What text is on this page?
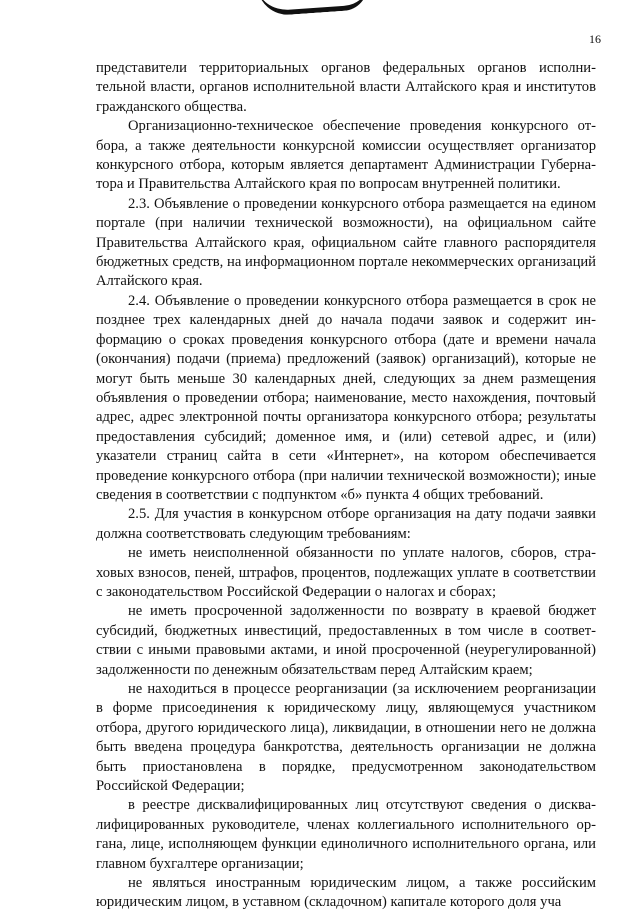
16

представители территориальных органов федеральных органов исполнительной власти, органов исполнительной власти Алтайского края и институтов гражданского общества.

Организационно-техническое обеспечение проведения конкурсного отбора, а также деятельности конкурсной комиссии осуществляет организатор конкурсного отбора, которым является департамент Администрации Губернатора и Правительства Алтайского края по вопросам внутренней политики.

2.3. Объявление о проведении конкурсного отбора размещается на едином портале (при наличии технической возможности), на официальном сайте Правительства Алтайского края, официальном сайте главного распорядителя бюджетных средств, на информационном портале некоммерческих организаций Алтайского края.

2.4. Объявление о проведении конкурсного отбора размещается в срок не позднее трех календарных дней до начала подачи заявок и содержит информацию о сроках проведения конкурсного отбора (дате и времени начала (окончания) подачи (приема) предложений (заявок) организаций), которые не могут быть меньше 30 календарных дней, следующих за днем размещения объявления о проведении отбора; наименование, место нахождения, почтовый адрес, адрес электронной почты организатора конкурсного отбора; результаты предоставления субсидий; доменное имя, и (или) сетевой адрес, и (или) указатели страниц сайта в сети «Интернет», на котором обеспечивается проведение конкурсного отбора (при наличии технической возможности); иные сведения в соответствии с подпунктом «б» пункта 4 общих требований.

2.5. Для участия в конкурсном отборе организация на дату подачи заявки должна соответствовать следующим требованиям:

не иметь неисполненной обязанности по уплате налогов, сборов, страховых взносов, пеней, штрафов, процентов, подлежащих уплате в соответствии с законодательством Российской Федерации о налогах и сборах;

не иметь просроченной задолженности по возврату в краевой бюджет субсидий, бюджетных инвестиций, предоставленных в том числе в соответствии с иными правовыми актами, и иной просроченной (неурегулированной) задолженности по денежным обязательствам перед Алтайским краем;

не находиться в процессе реорганизации (за исключением реорганизации в форме присоединения к юридическому лицу, являющемуся участником отбора, другого юридического лица), ликвидации, в отношении него не должна быть введена процедура банкротства, деятельность организации не должна быть приостановлена в порядке, предусмотренном законодательством Российской Федерации;

в реестре дисквалифицированных лиц отсутствуют сведения о дисквалифицированных руководителе, членах коллегиального исполнительного органа, лице, исполняющем функции единоличного исполнительного органа, или главном бухгалтере организации;

не являться иностранным юридическим лицом, а также российским юридическим лицом, в уставном (складочном) капитале которого доля уча
